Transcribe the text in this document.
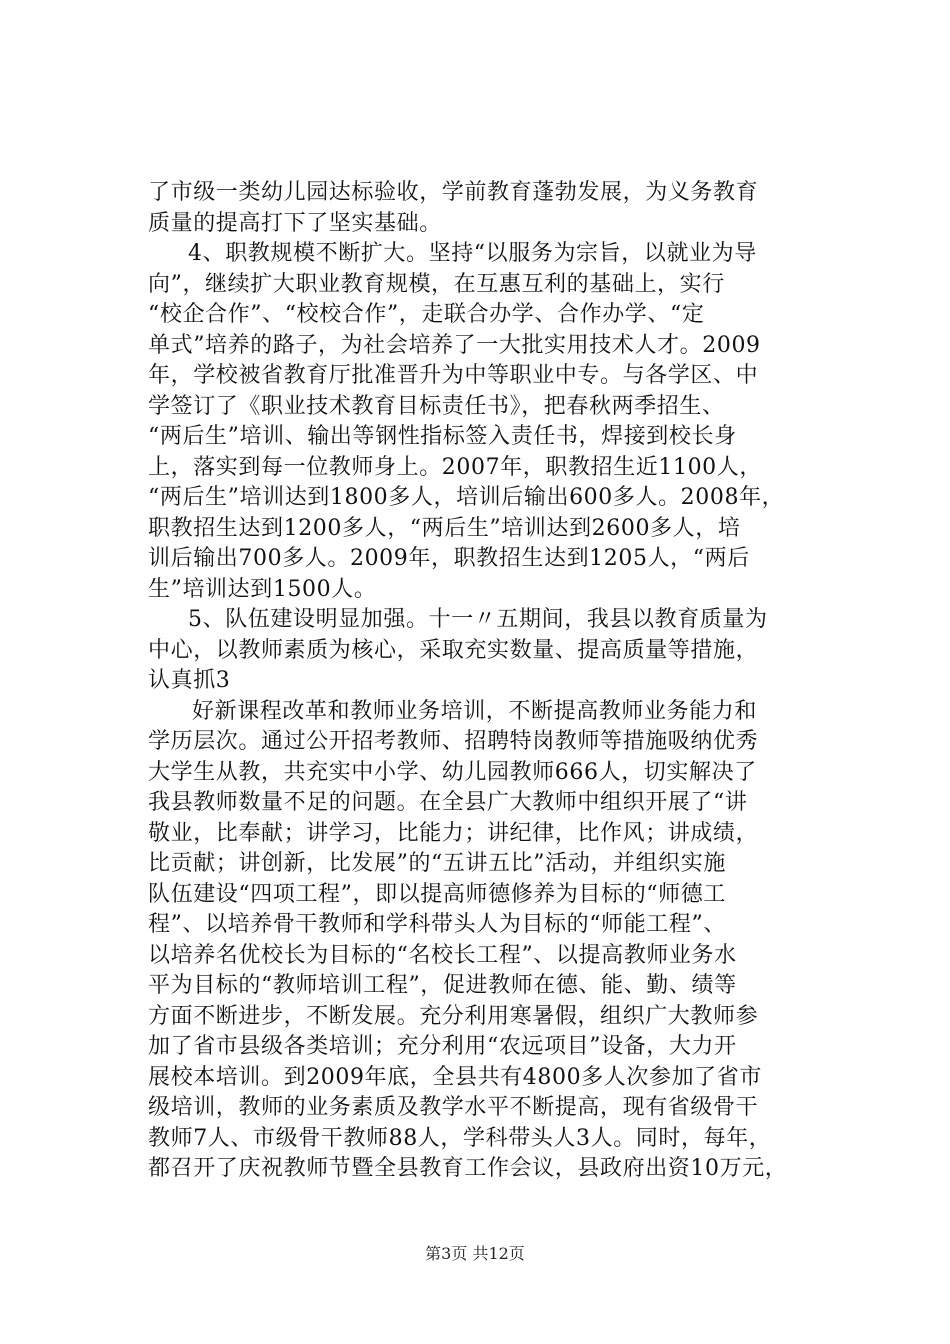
了市级一类幼儿园达标验收，学前教育蓬勃发展，为义务教育
质量的提高打下了坚实基础。
4、职教规模不断扩大。坚持“以服务为宗旨，以就业为导
向”，继续扩大职业教育规模，在互惠互利的基础上，实行
“校企合作”、“校校合作”，走联合办学、合作办学、“定
单式”培养的路子，为社会培养了一大批实用技术人才。2009
年，学校被省教育厅批准晋升为中等职业中专。与各学区、中
学签订了《职业技术教育目标责任书》，把春秋两季招生、
“两后生”培训、输出等钢性指标签入责任书，焊接到校长身
上，落实到每一位教师身上。2007年，职教招生近1100人，
“两后生”培训达到1800多人，培训后输出600多人。2008年，
职教招生达到1200多人，“两后生”培训达到2600多人，培
训后输出700多人。2009年，职教招生达到1205人，“两后
生”培训达到1500人。
5、队伍建设明显加强。十一〃五期间，我县以教育质量为
中心，以教师素质为核心，采取充实数量、提高质量等措施，
认真抓3
好新课程改革和教师业务培训，不断提高教师业务能力和
学历层次。通过公开招考教师、招聘特岗教师等措施吸纳优秀
大学生从教，共充实中小学、幼儿园教师666人，切实解决了
我县教师数量不足的问题。在全县广大教师中组织开展了“讲
敬业，比奉献；讲学习，比能力；讲纪律，比作风；讲成绩，
比贡献；讲创新，比发展”的“五讲五比”活动，并组织实施
队伍建设“四项工程”，即以提高师德修养为目标的“师德工
程”、以培养骨干教师和学科带头人为目标的“师能工程”、
以培养名优校长为目标的“名校长工程”、以提高教师业务水
平为目标的“教师培训工程”，促进教师在德、能、勤、绩等
方面不断进步，不断发展。充分利用寒暑假，组织广大教师参
加了省市县级各类培训；充分利用“农远项目”设备，大力开
展校本培训。到2009年底，全县共有4800多人次参加了省市
级培训，教师的业务素质及教学水平不断提高，现有省级骨干
教师7人、市级骨干教师88人，学科带头人3人。同时，每年，
都召开了庆祝教师节暨全县教育工作会议，县政府出资10万元，
第3页 共12页
